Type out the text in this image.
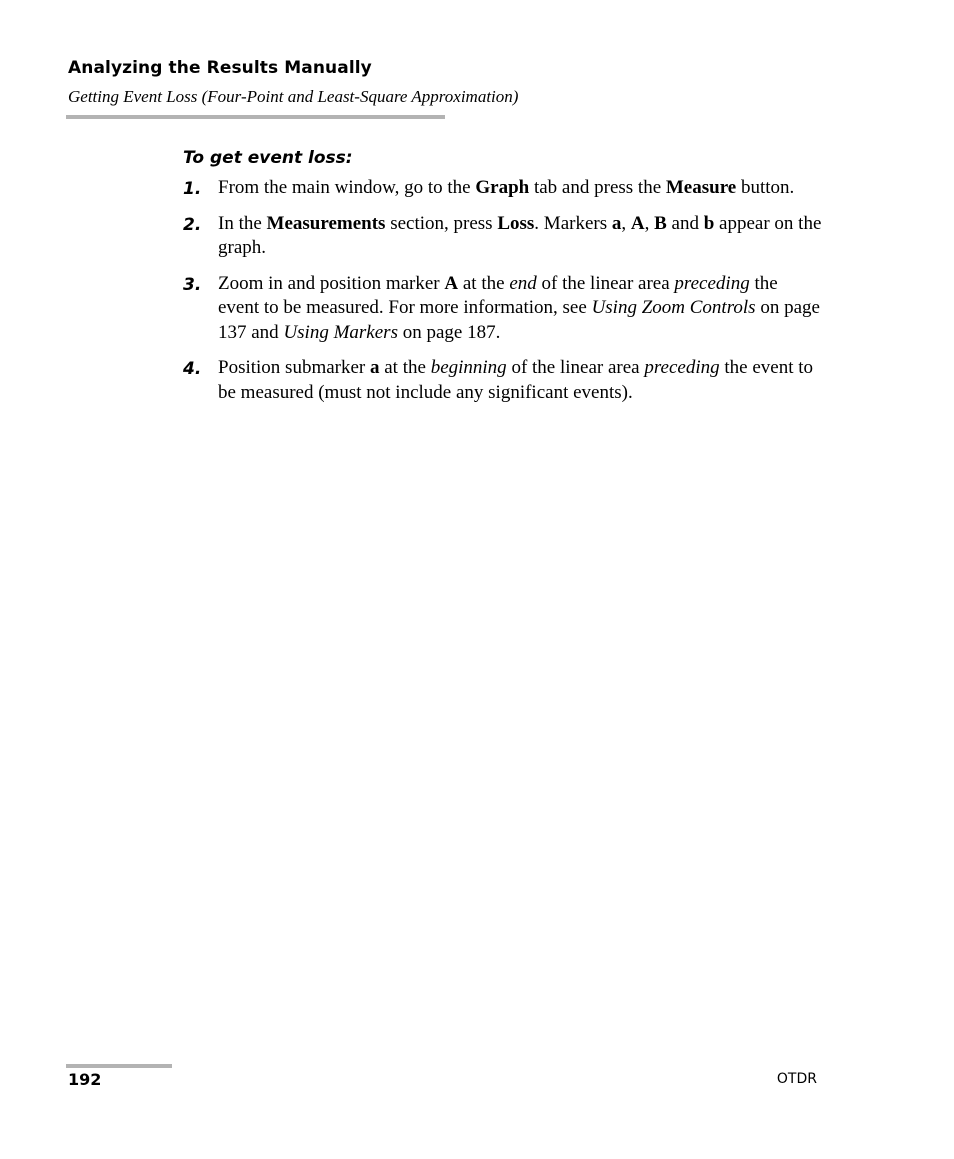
Analyzing the Results Manually
Getting Event Loss (Four-Point and Least-Square Approximation)
To get event loss:
1. From the main window, go to the Graph tab and press the Measure button.
2. In the Measurements section, press Loss. Markers a, A, B and b appear on the graph.
3. Zoom in and position marker A at the end of the linear area preceding the event to be measured. For more information, see Using Zoom Controls on page 137 and Using Markers on page 187.
4. Position submarker a at the beginning of the linear area preceding the event to be measured (must not include any significant events).
192	OTDR
